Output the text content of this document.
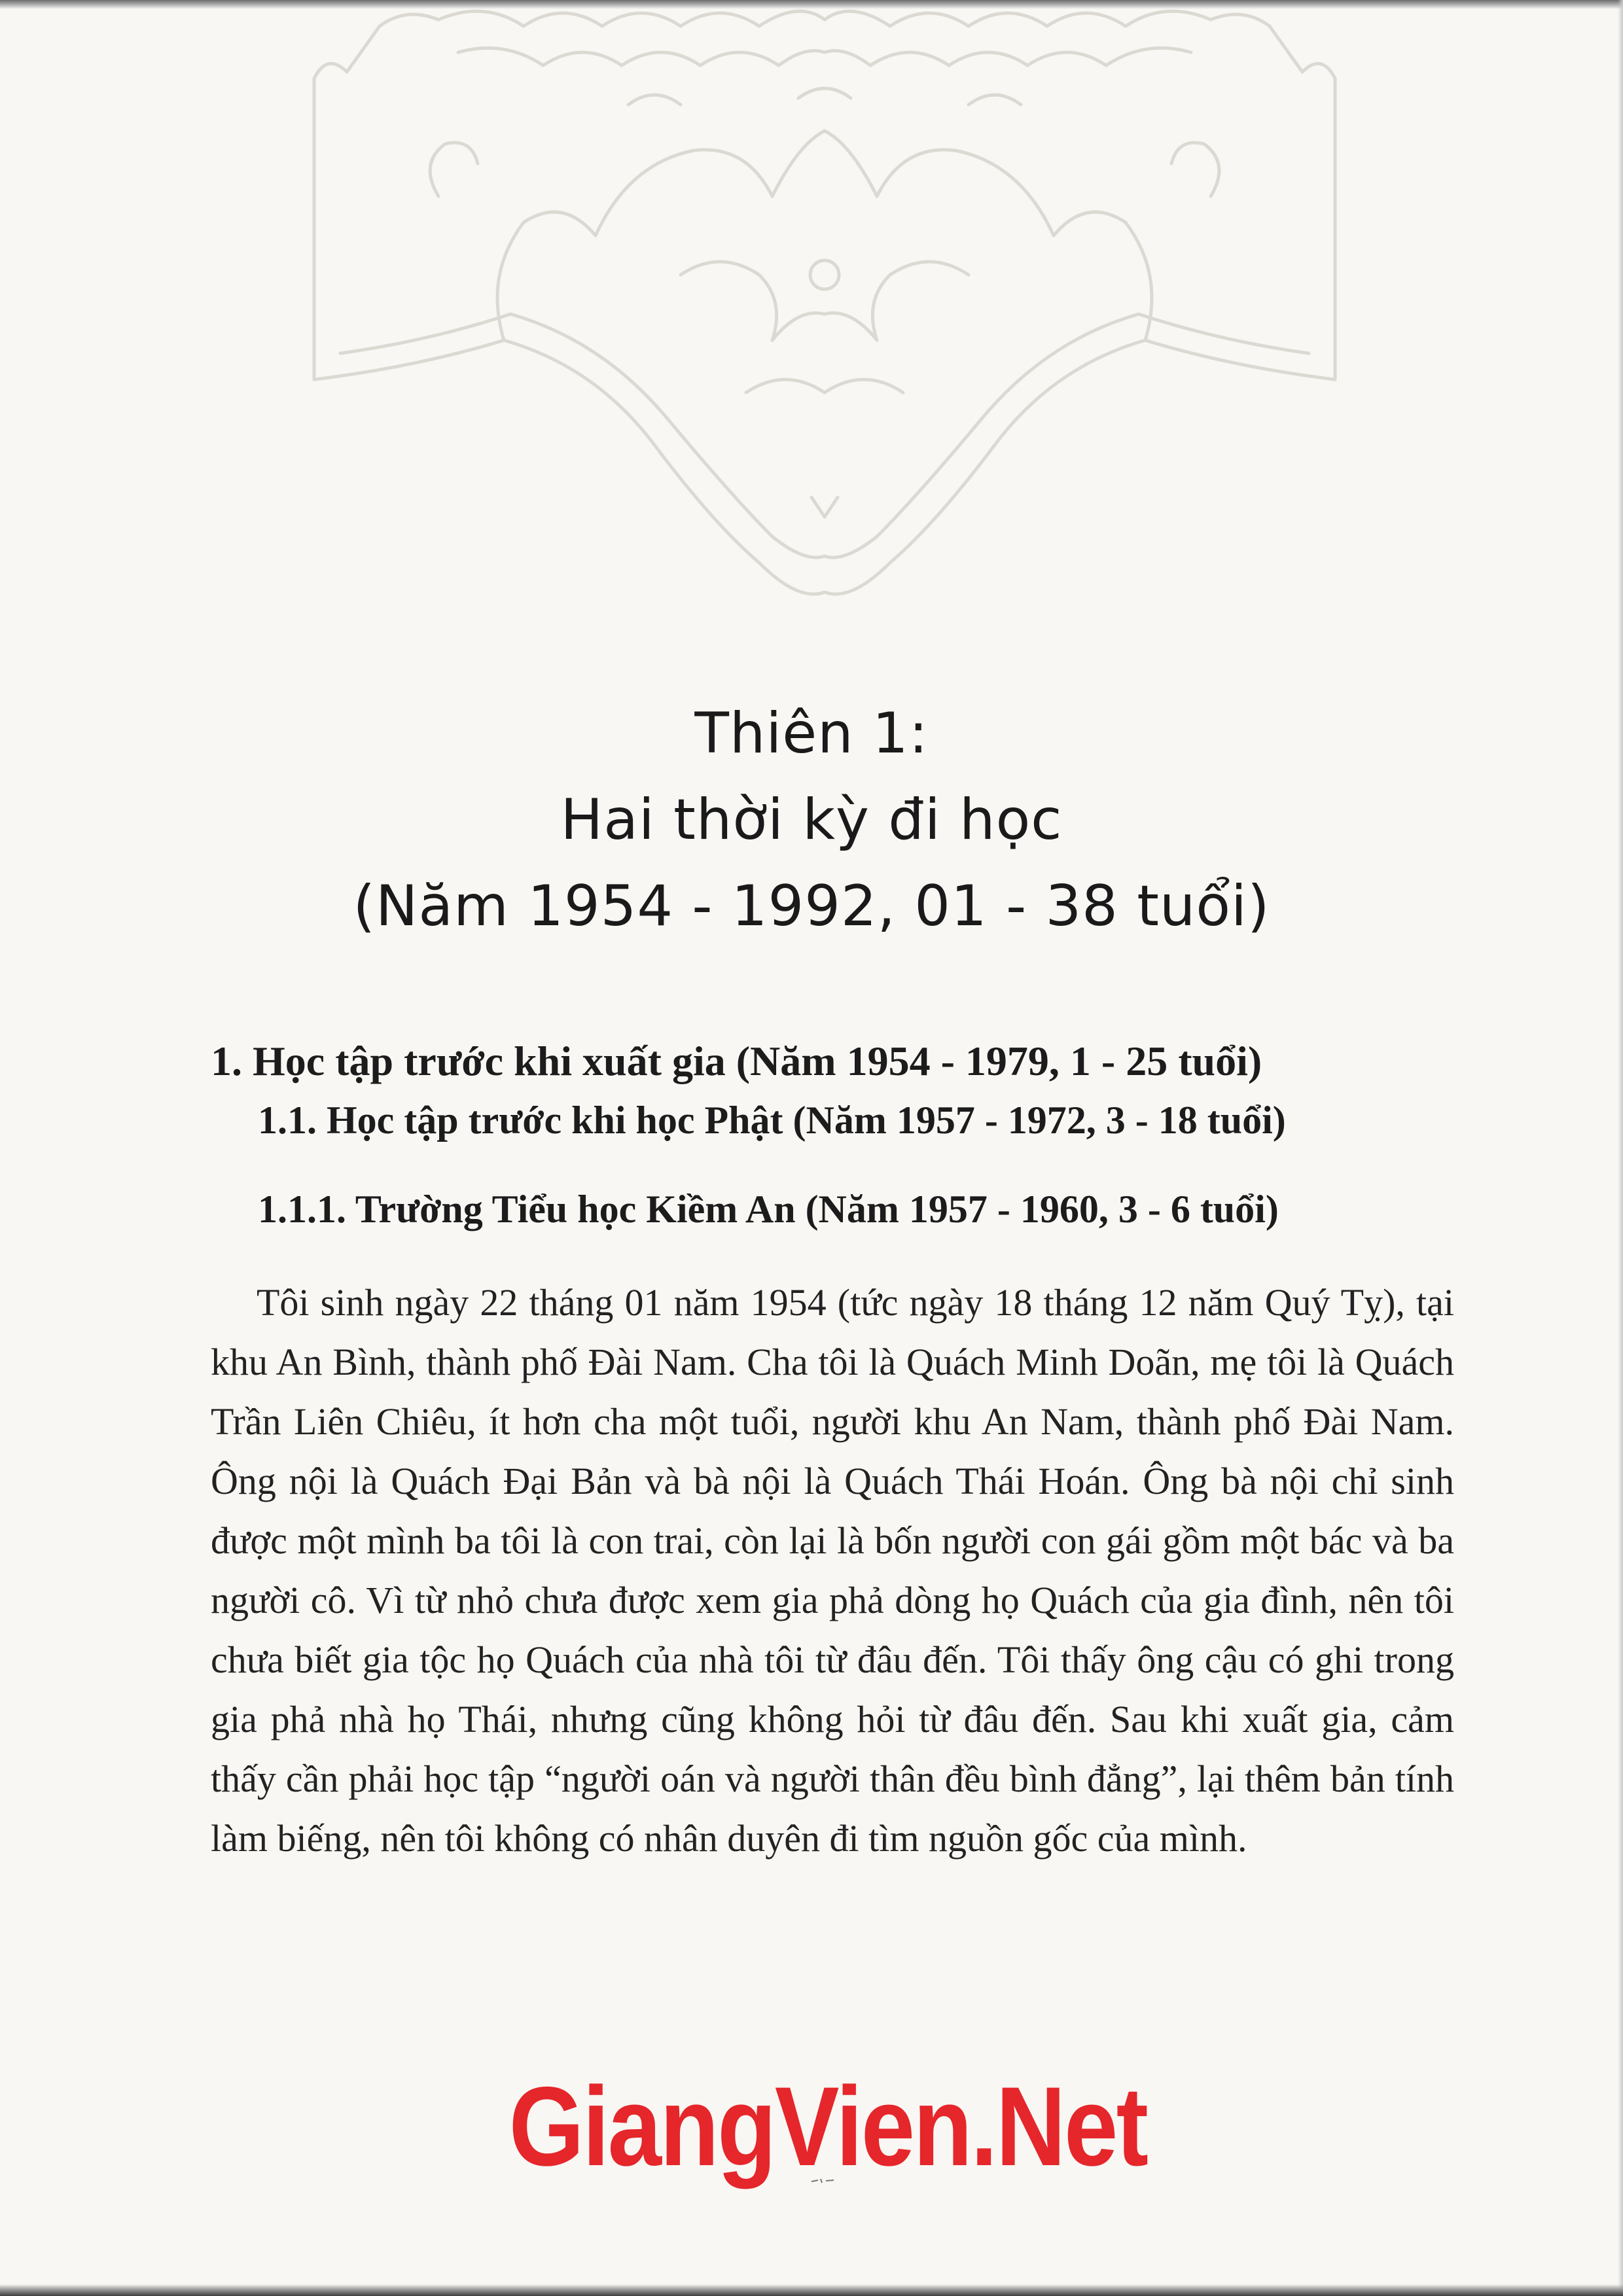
Thiên 1:
Hai thời kỳ đi học
(Năm 1954 - 1992, 01 - 38 tuổi)
1. Học tập trước khi xuất gia (Năm 1954 - 1979, 1 - 25 tuổi)
1.1. Học tập trước khi học Phật (Năm 1957 - 1972, 3 - 18 tuổi)
1.1.1. Trường Tiểu học Kiềm An (Năm 1957 - 1960, 3 - 6 tuổi)
Tôi sinh ngày 22 tháng 01 năm 1954 (tức ngày 18 tháng 12 năm Quý Tỵ), tại khu An Bình, thành phố Đài Nam. Cha tôi là Quách Minh Doãn, mẹ tôi là Quách Trần Liên Chiêu, ít hơn cha một tuổi, người khu An Nam, thành phố Đài Nam. Ông nội là Quách Đại Bản và bà nội là Quách Thái Hoán. Ông bà nội chỉ sinh được một mình ba tôi là con trai, còn lại là bốn người con gái gồm một bác và ba người cô. Vì từ nhỏ chưa được xem gia phả dòng họ Quách của gia đình, nên tôi chưa biết gia tộc họ Quách của nhà tôi từ đâu đến. Tôi thấy ông cậu có ghi trong gia phả nhà họ Thái, nhưng cũng không hỏi từ đâu đến. Sau khi xuất gia, cảm thấy cần phải học tập “người oán và người thân đều bình đẳng”, lại thêm bản tính làm biếng, nên tôi không có nhân duyên đi tìm nguồn gốc của mình.
GiangVien.Net
